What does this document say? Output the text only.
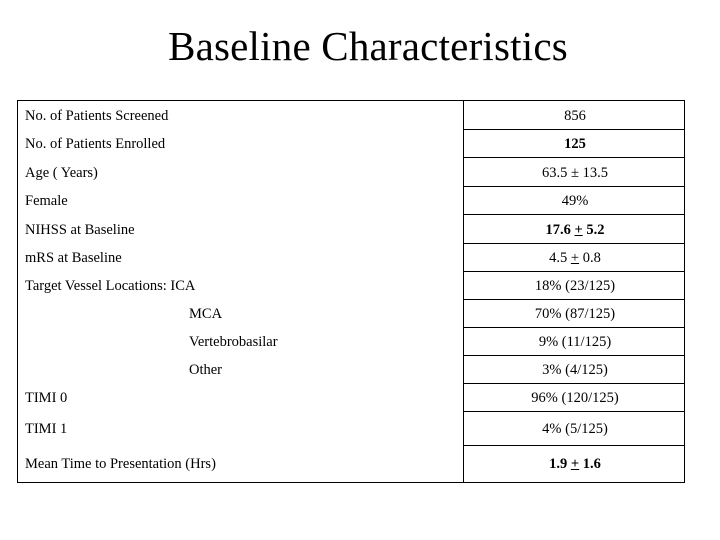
Baseline Characteristics
No. of Patients Screened
No. of Patients Enrolled
Age ( Years)
Female
NIHSS at Baseline
mRS at Baseline
Target Vessel Locations: ICA
MCA
Vertebrobasilar
Other
TIMI 0
TIMI 1
Mean Time to Presentation (Hrs)
856
125
63.5 ± 13.5
49%
17.6 + 5.2
4.5 + 0.8
18% (23/125)
70% (87/125)
9% (11/125)
3% (4/125)
96% (120/125)
4% (5/125)
1.9 + 1.6
